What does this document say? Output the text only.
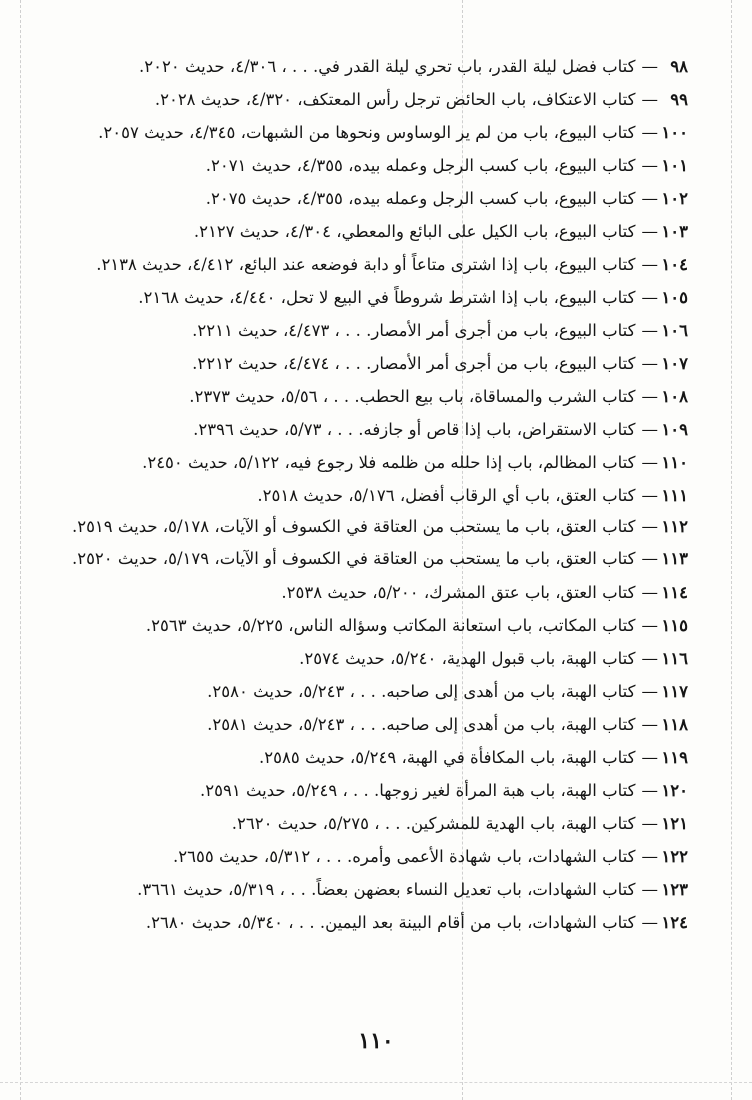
٩٨—كتاب فضل ليلة القدر، باب تحري ليلة القدر في. . . ، ٤/٣٠٦، حديث ٢٠٢٠.
٩٩—كتاب الاعتكاف، باب الحائض ترجل رأس المعتكف، ٤/٣٢٠، حديث ٢٠٢٨.
١٠٠—كتاب البيوع، باب من لم ير الوساوس ونحوها من الشبهات، ٤/٣٤٥، حديث ٢٠٥٧.
١٠١—كتاب البيوع، باب كسب الرجل وعمله بيده، ٤/٣٥٥، حديث ٢٠٧١.
١٠٢—كتاب البيوع، باب كسب الرجل وعمله بيده، ٤/٣٥٥، حديث ٢٠٧٥.
١٠٣—كتاب البيوع، باب الكيل على البائع والمعطي، ٤/٣٠٤، حديث ٢١٢٧.
١٠٤—كتاب البيوع، باب إذا اشترى متاعاً أو دابة فوضعه عند البائع، ٤/٤١٢، حديث ٢١٣٨.
١٠٥—كتاب البيوع، باب إذا اشترط شروطاً في البيع لا تحل، ٤/٤٤٠، حديث ٢١٦٨.
١٠٦—كتاب البيوع، باب من أجرى أمر الأمصار. . . ، ٤/٤٧٣، حديث ٢٢١١.
١٠٧—كتاب البيوع، باب من أجرى أمر الأمصار. . . ، ٤/٤٧٤، حديث ٢٢١٢.
١٠٨—كتاب الشرب والمساقاة، باب بيع الحطب. . . ، ٥/٥٦، حديث ٢٣٧٣.
١٠٩—كتاب الاستقراض، باب إذا قاص أو جازفه. . . ، ٥/٧٣، حديث ٢٣٩٦.
١١٠—كتاب المظالم، باب إذا حلله من ظلمه فلا رجوع فيه، ٥/١٢٢، حديث ٢٤٥٠.
١١١—كتاب العتق، باب أي الرقاب أفضل، ٥/١٧٦، حديث ٢٥١٨.
١١٢—كتاب العتق، باب ما يستحب من العتاقة في الكسوف أو الآيات، ٥/١٧٨، حديث ٢٥١٩.
١١٣—كتاب العتق، باب ما يستحب من العتاقة في الكسوف أو الآيات، ٥/١٧٩، حديث ٢٥٢٠.
١١٤—كتاب العتق، باب عتق المشرك، ٥/٢٠٠، حديث ٢٥٣٨.
١١٥—كتاب المكاتب، باب استعانة المكاتب وسؤاله الناس، ٥/٢٢٥، حديث ٢٥٦٣.
١١٦—كتاب الهبة، باب قبول الهدية، ٥/٢٤٠، حديث ٢٥٧٤.
١١٧—كتاب الهبة، باب من أهدى إلى صاحبه. . . ، ٥/٢٤٣، حديث ٢٥٨٠.
١١٨—كتاب الهبة، باب من أهدى إلى صاحبه. . . ، ٥/٢٤٣، حديث ٢٥٨١.
١١٩—كتاب الهبة، باب المكافأة في الهبة، ٥/٢٤٩، حديث ٢٥٨٥.
١٢٠—كتاب الهبة، باب هبة المرأة لغير زوجها. . . ، ٥/٢٤٩، حديث ٢٥٩١.
١٢١—كتاب الهبة، باب الهدية للمشركين. . . ، ٥/٢٧٥، حديث ٢٦٢٠.
١٢٢—كتاب الشهادات، باب شهادة الأعمى وأمره. . . ، ٥/٣١٢، حديث ٢٦٥٥.
١٢٣—كتاب الشهادات، باب تعديل النساء بعضهن بعضاً. . . ، ٥/٣١٩، حديث ٣٦٦١.
١٢٤—كتاب الشهادات، باب من أقام البينة بعد اليمين. . . ، ٥/٣٤٠، حديث ٢٦٨٠.
١١٠
